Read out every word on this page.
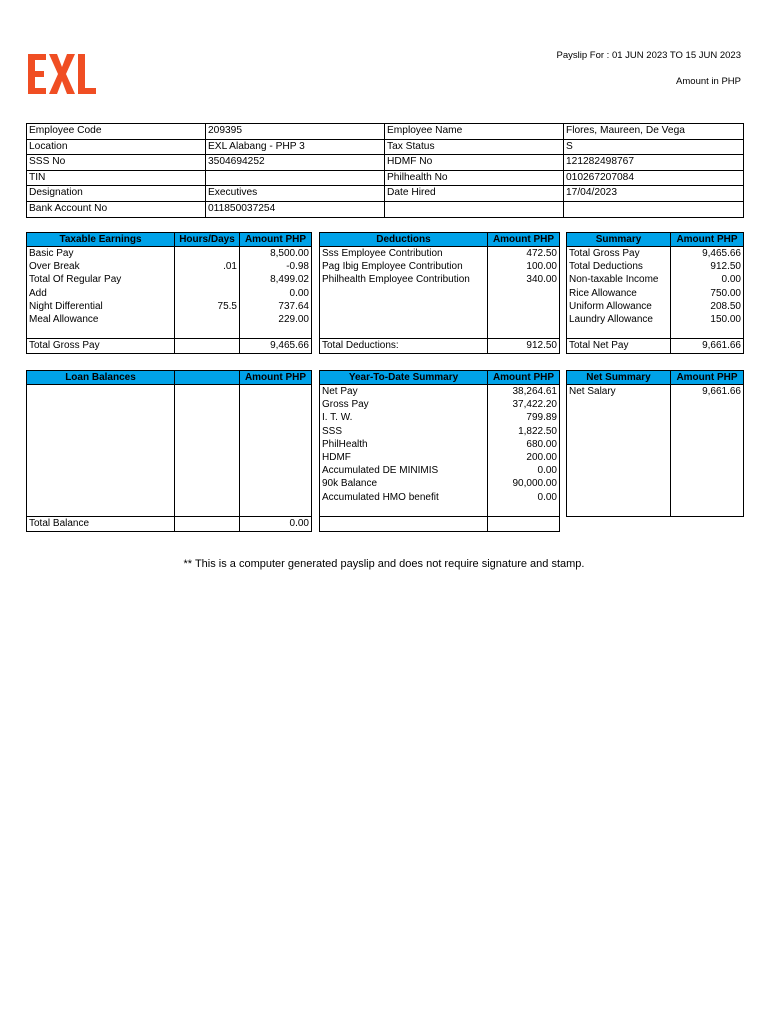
Payslip For : 01 JUN 2023 TO 15 JUN 2023
Amount in PHP
Employee Code	209395	Employee Name	Flores, Maureen, De Vega
Location	EXL Alabang - PHP 3	Tax Status	S
SSS No	3504694252	HDMF No	121282498767
TIN		Philhealth No	010267207084
Designation	Executives	Date Hired	17/04/2023
Bank Account No	011850037254		
Taxable Earnings	Hours/Days	Amount PHP
Basic Pay		8,500.00
Over Break	.01	-0.98
Total Of Regular Pay		8,499.02
Add		0.00
Night Differential	75.5	737.64
Meal Allowance		229.00

Total Gross Pay		9,465.66
Deductions	Amount PHP
Sss Employee Contribution	472.50
Pag Ibig Employee Contribution	100.00
Philhealth Employee Contribution	340.00

Total Deductions:	912.50
Summary	Amount PHP
Total Gross Pay	9,465.66
Total Deductions	912.50
Non-taxable Income	0.00
Rice Allowance	750.00
Uniform Allowance	208.50
Laundry Allowance	150.00

Total Net Pay	9,661.66
Loan Balances		Amount PHP

Total Balance		0.00
Year-To-Date Summary	Amount PHP
Net Pay	38,264.61
Gross Pay	37,422.20
I. T. W.	799.89
SSS	1,822.50
PhilHealth	680.00
HDMF	200.00
Accumulated DE MINIMIS	0.00
90k Balance	90,000.00
Accumulated HMO benefit	0.00

Net Summary	Amount PHP
Net Salary	9,661.66

** This is a computer generated payslip and does not require signature and stamp.
